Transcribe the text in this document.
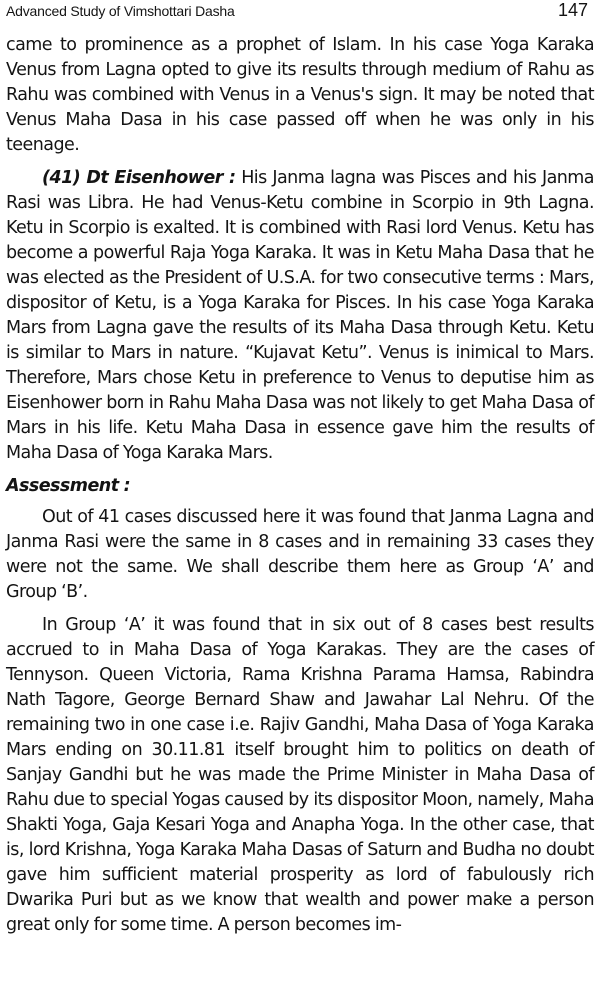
Advanced Study of Vimshottari Dasha	147

came to prominence as a prophet of Islam. In his case Yoga Karaka Venus from Lagna opted to give its results through medium of Rahu as Rahu was combined with Venus in a Venus's sign. It may be noted that Venus Maha Dasa in his case passed off when he was only in his teenage.

(41) Dt Eisenhower : His Janma lagna was Pisces and his Janma Rasi was Libra. He had Venus-Ketu combine in Scorpio in 9th Lagna. Ketu in Scorpio is exalted. It is combined with Rasi lord Venus. Ketu has become a powerful Raja Yoga Karaka. It was in Ketu Maha Dasa that he was elected as the President of U.S.A. for two consecutive terms : Mars, dispositor of Ketu, is a Yoga Karaka for Pisces. In his case Yoga Karaka Mars from Lagna gave the results of its Maha Dasa through Ketu. Ketu is similar to Mars in nature. “Kujavat Ketu”. Venus is inimical to Mars. Therefore, Mars chose Ketu in preference to Venus to deputise him as Eisenhower born in Rahu Maha Dasa was not likely to get Maha Dasa of Mars in his life. Ketu Maha Dasa in essence gave him the results of Maha Dasa of Yoga Karaka Mars.

Assessment :

Out of 41 cases discussed here it was found that Janma Lagna and Janma Rasi were the same in 8 cases and in remaining 33 cases they were not the same. We shall describe them here as Group ‘A’ and Group ‘B’.

In Group ‘A’ it was found that in six out of 8 cases best results accrued to in Maha Dasa of Yoga Karakas. They are the cases of Tennyson. Queen Victoria, Rama Krishna Parama Hamsa, Rabindra Nath Tagore, George Bernard Shaw and Jawahar Lal Nehru. Of the remaining two in one case i.e. Rajiv Gandhi, Maha Dasa of Yoga Karaka Mars ending on 30.11.81 itself brought him to politics on death of Sanjay Gandhi but he was made the Prime Minister in Maha Dasa of Rahu due to special Yogas caused by its dispositor Moon, namely, Maha Shakti Yoga, Gaja Kesari Yoga and Anapha Yoga. In the other case, that is, lord Krishna, Yoga Karaka Maha Dasas of Saturn and Budha no doubt gave him sufficient material prosperity as lord of fabulously rich Dwarika Puri but as we know that wealth and power make a person great only for some time. A person becomes im-
